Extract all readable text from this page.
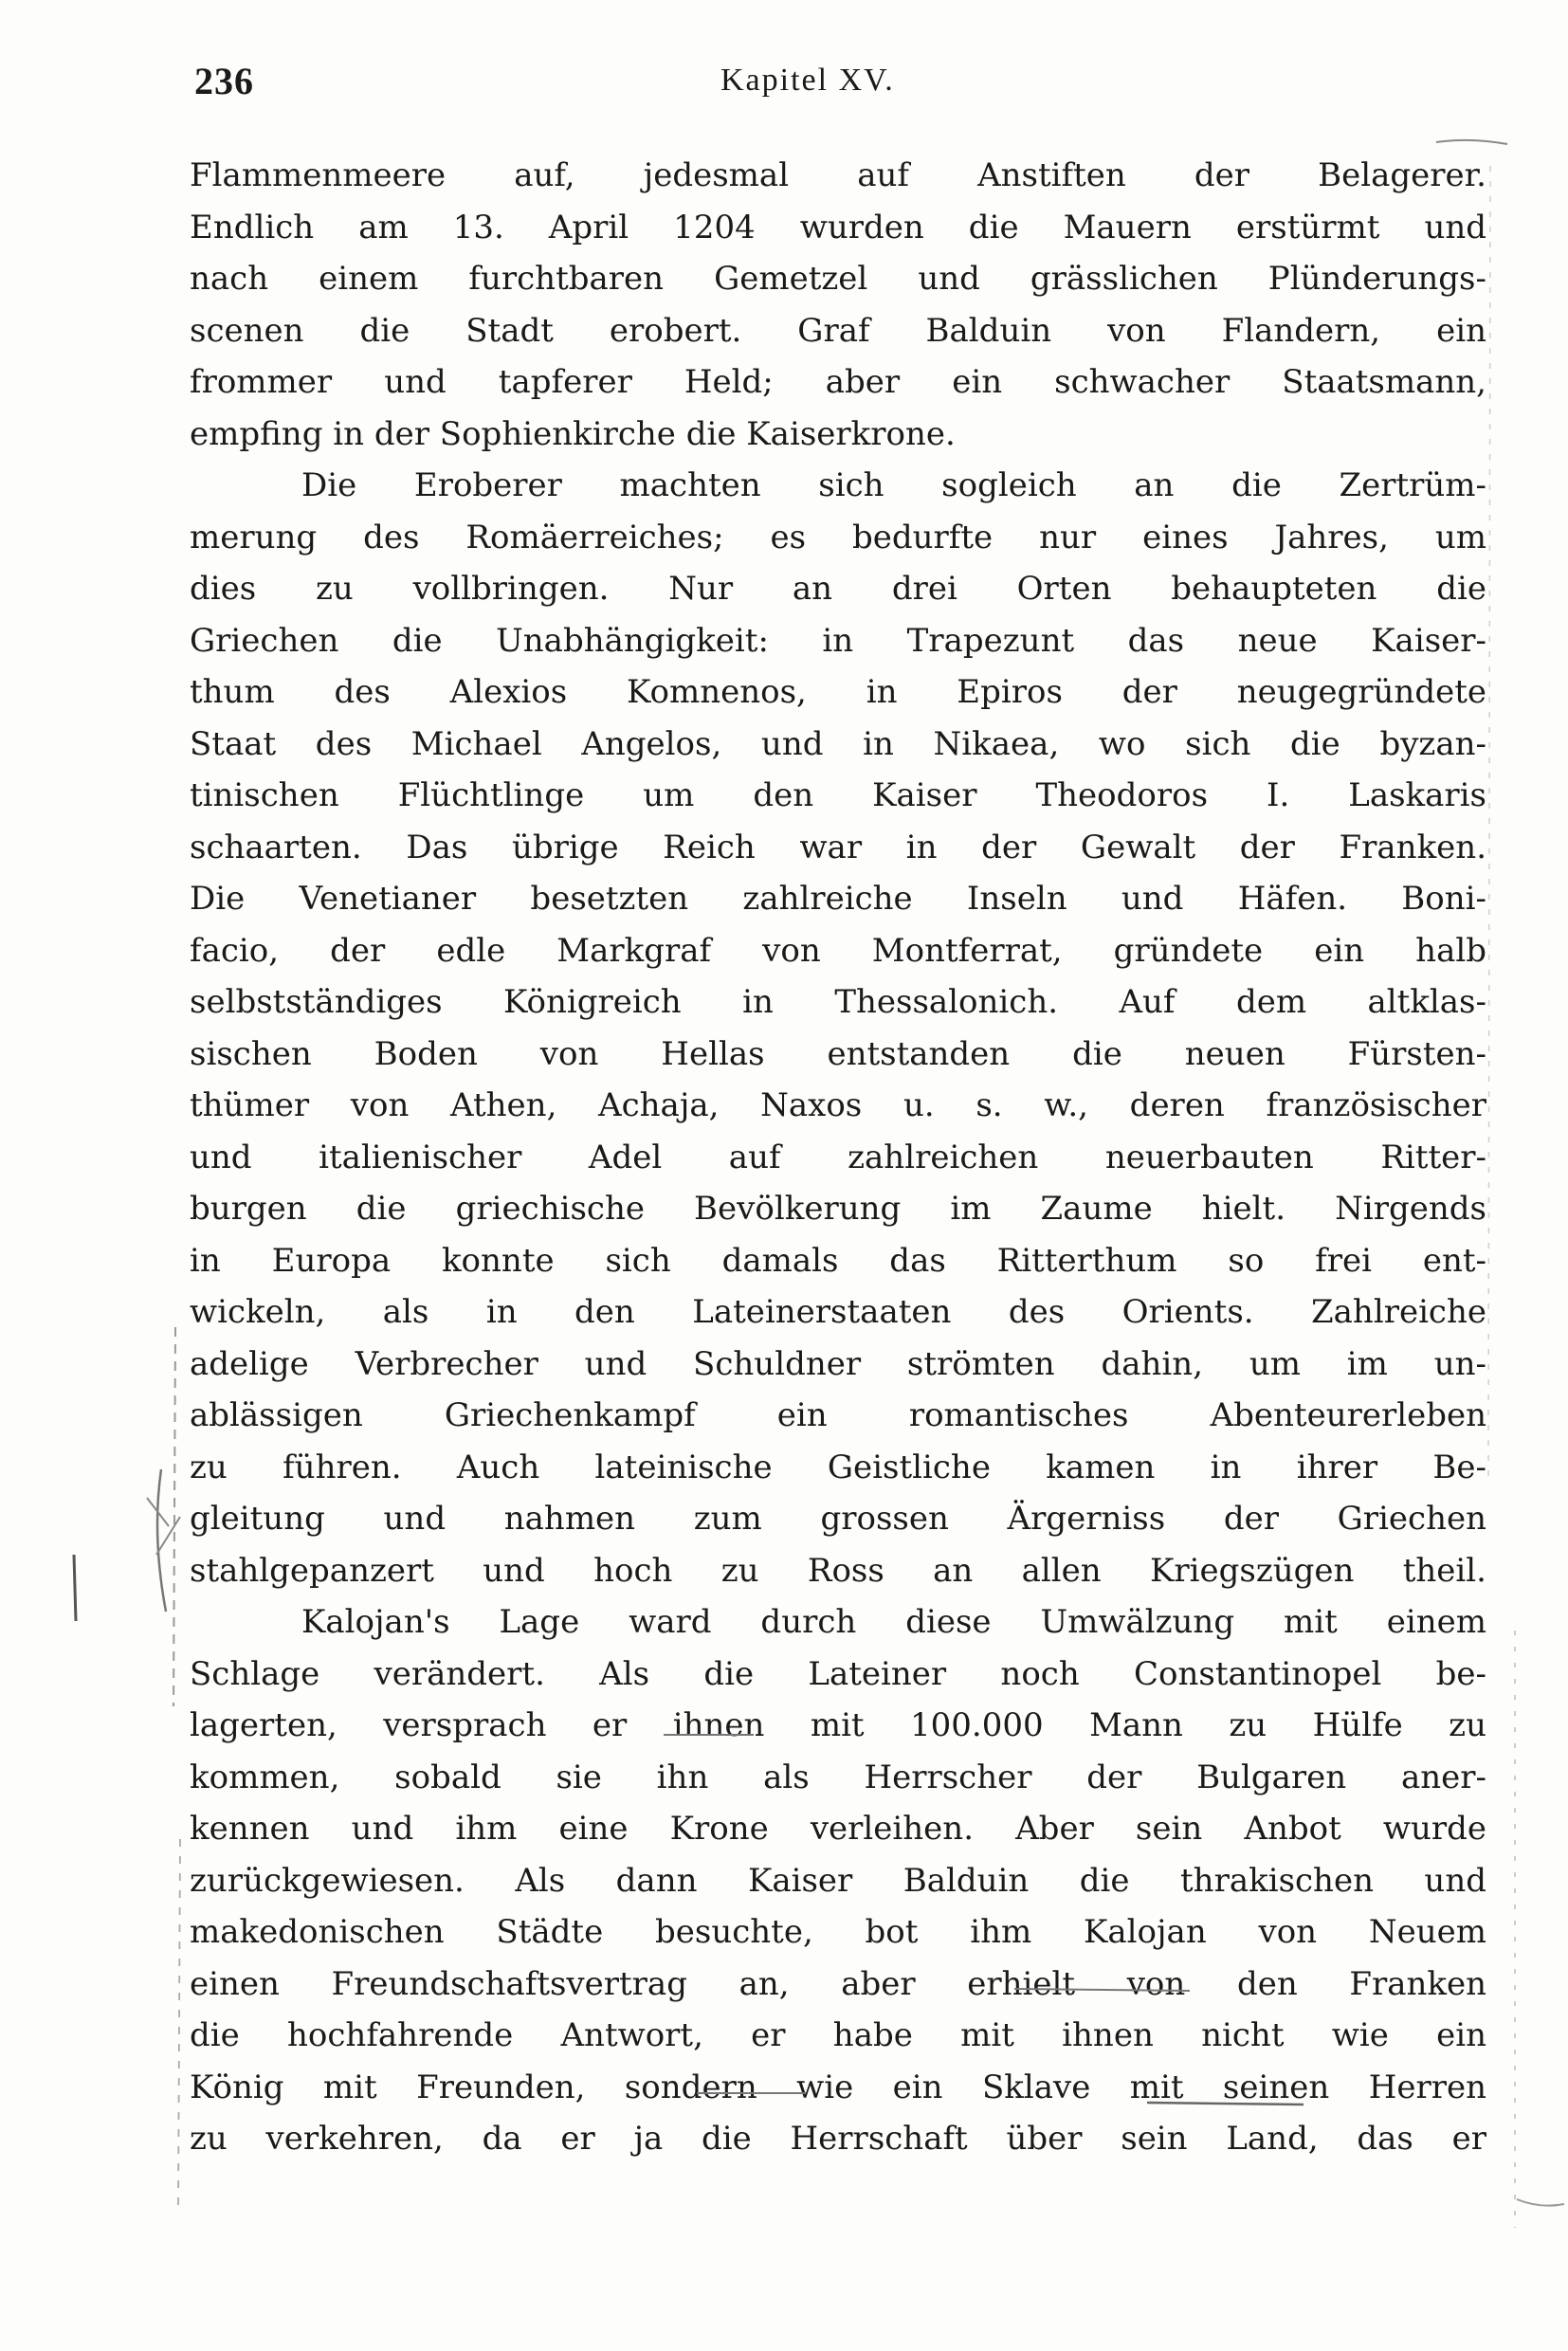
236	Kapitel XV.
Flammenmeere auf, jedesmal auf Anstiften der Belagerer.
Endlich am 13. April 1204 wurden die Mauern erstürmt und
nach einem furchtbaren Gemetzel und grässlichen Plünderungs-
scenen die Stadt erobert. Graf Balduin von Flandern, ein
frommer und tapferer Held; aber ein schwacher Staatsmann,
empfing in der Sophienkirche die Kaiserkrone.
Die Eroberer machten sich sogleich an die Zertrüm-
merung des Romäerreiches; es bedurfte nur eines Jahres, um
dies zu vollbringen. Nur an drei Orten behaupteten die
Griechen die Unabhängigkeit: in Trapezunt das neue Kaiser-
thum des Alexios Komnenos, in Epiros der neugegründete
Staat des Michael Angelos, und in Nikaea, wo sich die byzan-
tinischen Flüchtlinge um den Kaiser Theodoros I. Laskaris
schaarten. Das übrige Reich war in der Gewalt der Franken.
Die Venetianer besetzten zahlreiche Inseln und Häfen. Boni-
facio, der edle Markgraf von Montferrat, gründete ein halb
selbstständiges Königreich in Thessalonich. Auf dem altklas-
sischen Boden von Hellas entstanden die neuen Fürsten-
thümer von Athen, Achaja, Naxos u. s. w., deren französischer
und italienischer Adel auf zahlreichen neuerbauten Ritter-
burgen die griechische Bevölkerung im Zaume hielt. Nirgends
in Europa konnte sich damals das Ritterthum so frei ent-
wickeln, als in den Lateinerstaaten des Orients. Zahlreiche
adelige Verbrecher und Schuldner strömten dahin, um im un-
ablässigen Griechenkampf ein romantisches Abenteurerleben
zu führen. Auch lateinische Geistliche kamen in ihrer Be-
gleitung und nahmen zum grossen Ärgerniss der Griechen
stahlgepanzert und hoch zu Ross an allen Kriegszügen theil.
Kalojan's Lage ward durch diese Umwälzung mit einem
Schlage verändert. Als die Lateiner noch Constantinopel be-
lagerten, versprach er ihnen mit 100.000 Mann zu Hülfe zu
kommen, sobald sie ihn als Herrscher der Bulgaren aner-
kennen und ihm eine Krone verleihen. Aber sein Anbot wurde
zurückgewiesen. Als dann Kaiser Balduin die thrakischen und
makedonischen Städte besuchte, bot ihm Kalojan von Neuem
einen Freundschaftsvertrag an, aber erhielt von den Franken
die hochfahrende Antwort, er habe mit ihnen nicht wie ein
König mit Freunden, sondern wie ein Sklave mit seinen Herren
zu verkehren, da er ja die Herrschaft über sein Land, das er
